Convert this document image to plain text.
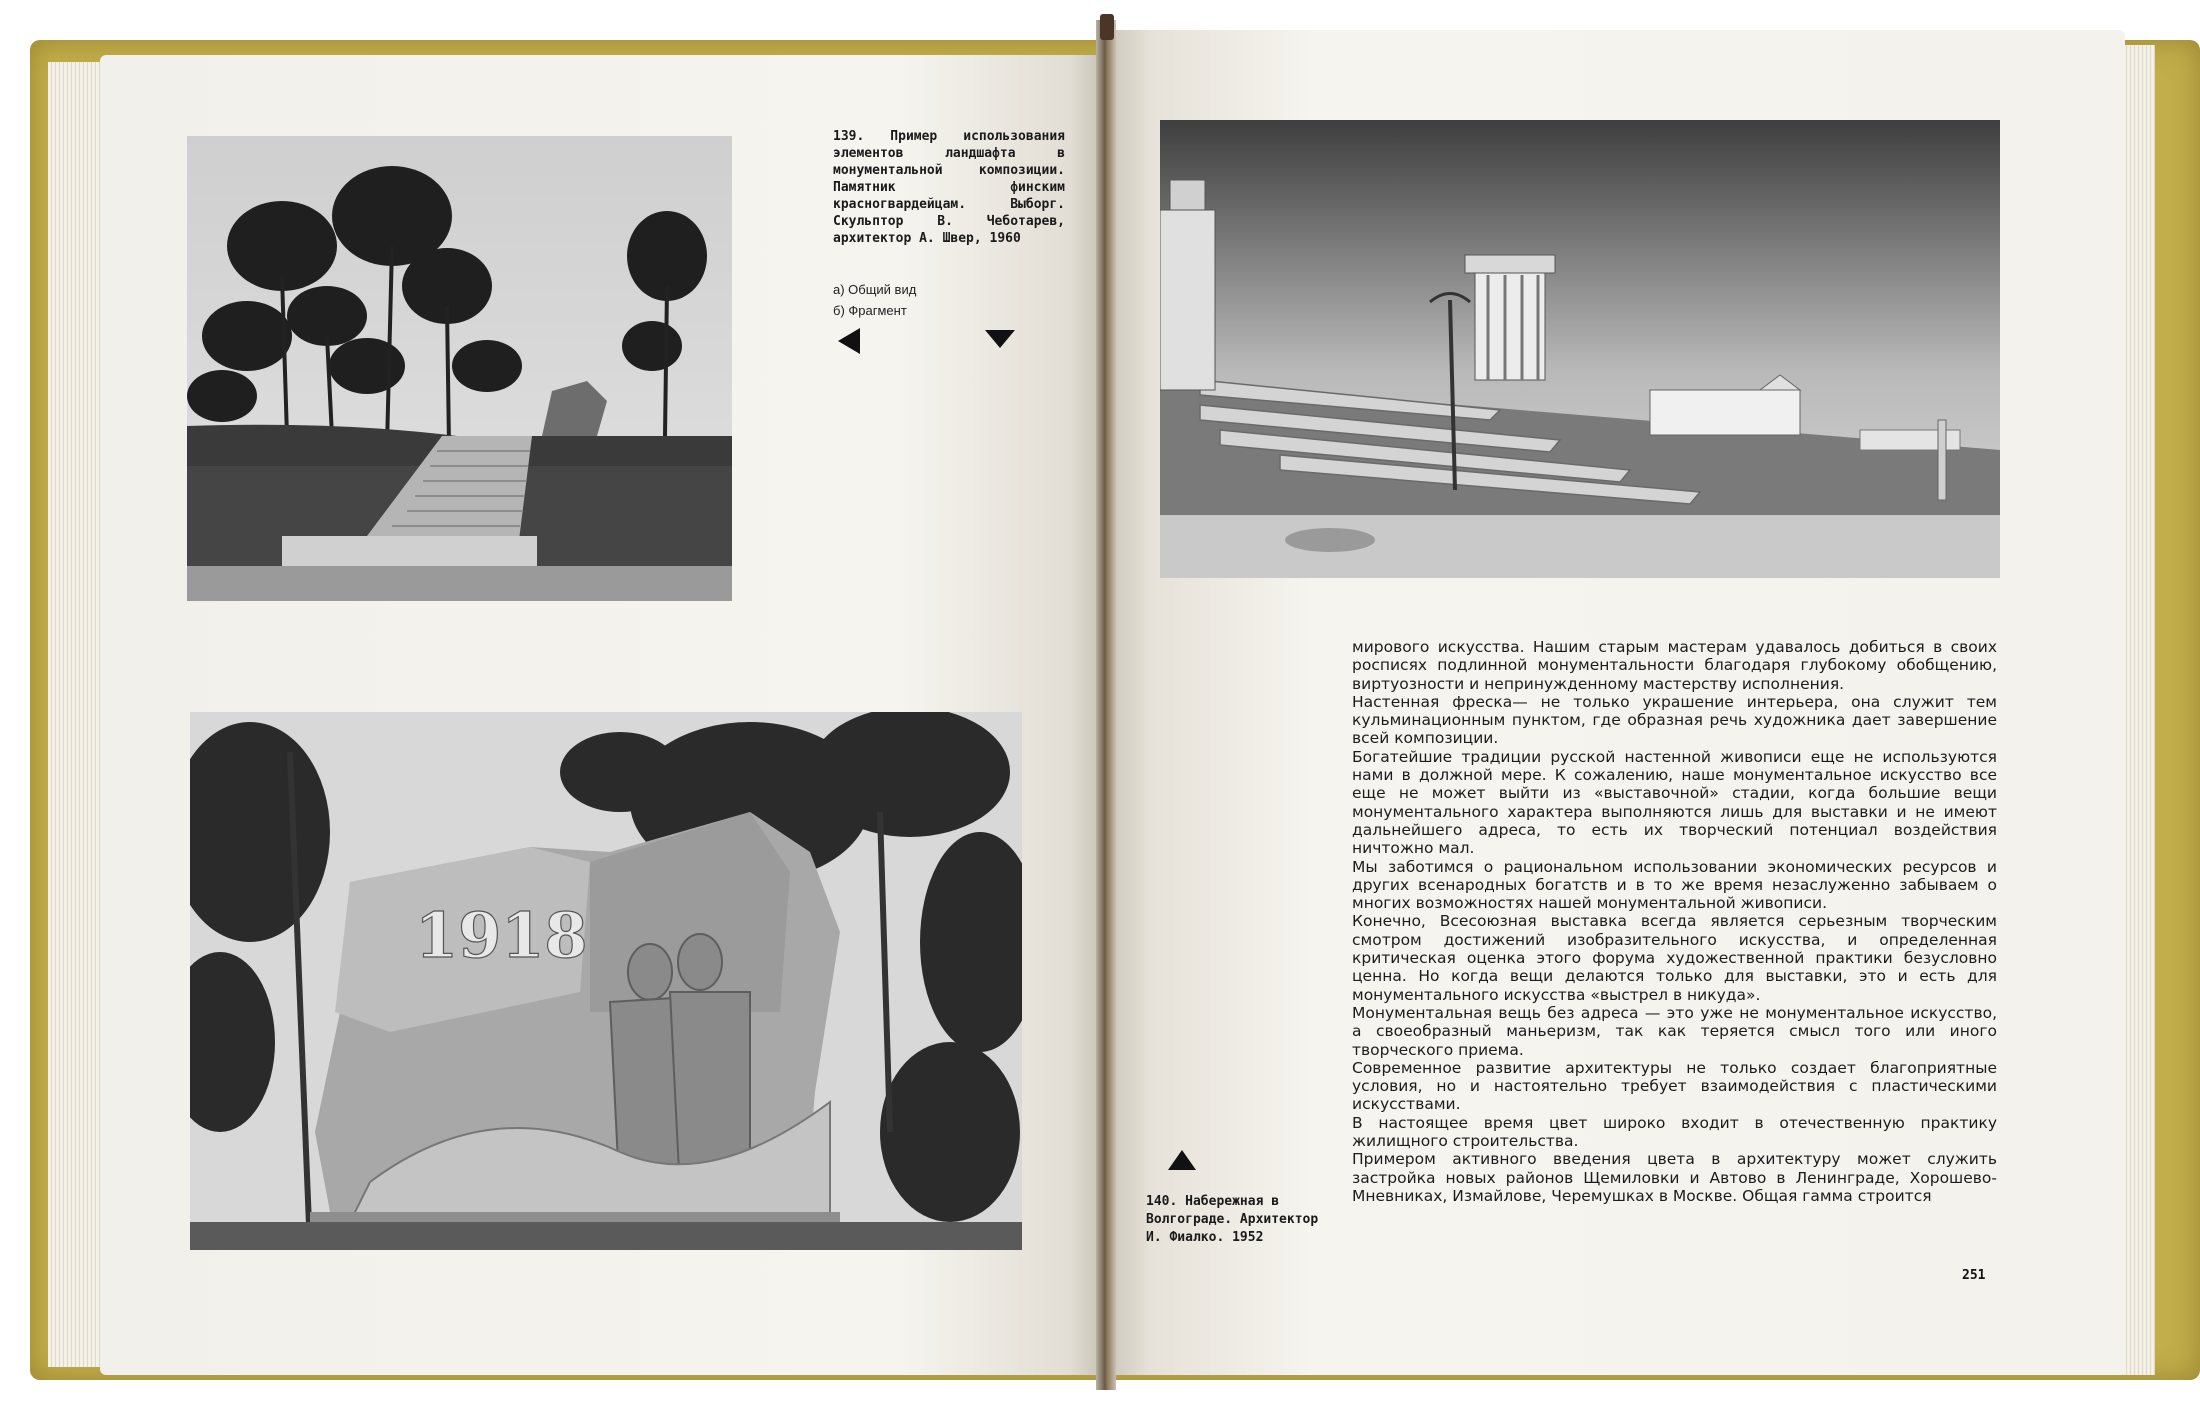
1918
139. Пример использования элементов ландшафта в монументальной композиции. Памятник финским красногвардейцам. Выборг. Скульптор В. Чеботарев, архитектор А. Швер, 1960
а) Общий вид
б) Фрагмент
140. Набережная в Волгограде. Архитектор И. Фиалко. 1952

мирового искусства. Нашим старым мастерам удавалось добиться в своих росписях подлинной монументальности благодаря глубокому обобщению, виртуозности и непринужденному мастерству исполнения.

Настенная фреска— не только украшение интерьера, она служит тем кульминационным пунктом, где образная речь художника дает завершение всей композиции.

Богатейшие традиции русской настенной живописи еще не используются нами в должной мере. К сожалению, наше монументальное искусство все еще не может выйти из «выставочной» стадии, когда большие вещи монументального характера выполняются лишь для выставки и не имеют дальнейшего адреса, то есть их творческий потенциал воздействия ничтожно мал.

Мы заботимся о рациональном использовании экономических ресурсов и других всенародных богатств и в то же время незаслуженно забываем о многих возможностях нашей монументальной живописи.

Конечно, Всесоюзная выставка всегда является серьезным творческим смотром достижений изобразительного искусства, и определенная критическая оценка этого форума художественной практики безусловно ценна. Но когда вещи делаются только для выставки, это и есть для монументального искусства «выстрел в никуда».

Монументальная вещь без адреса — это уже не монументальное искусство, а своеобразный маньеризм, так как теряется смысл того или иного творческого приема.

Современное развитие архитектуры не только создает благоприятные условия, но и настоятельно требует взаимодействия с пластическими искусствами.

В настоящее время цвет широко входит в отечественную практику жилищного строительства.

Примером активного введения цвета в архитектуру может служить застройка новых районов Щемиловки и Автово в Ленинграде, Хорошево-Мневниках, Измайлове, Черемушках в Москве. Общая гамма строится

251
